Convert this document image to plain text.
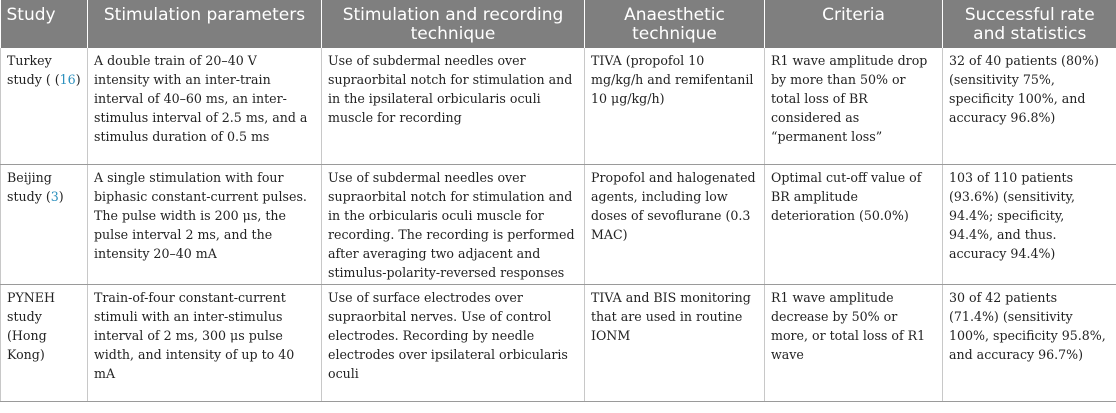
Study	Stimulation parameters	Stimulation and recording technique	Anaesthetic technique	Criteria	Successful rate and statistics
Turkey study ( (16)	A double train of 20–40 V intensity with an inter-train interval of 40–60 ms, an inter-stimulus interval of 2.5 ms, and a stimulus duration of 0.5 ms	Use of subdermal needles over supraorbital notch for stimulation and in the ipsilateral orbicularis oculi muscle for recording	TIVA (propofol 10 mg/kg/h and remifentanil 10 μg/kg/h)	R1 wave amplitude drop by more than 50% or total loss of BR considered as “permanent loss”	32 of 40 patients (80%) (sensitivity 75%, specificity 100%, and accuracy 96.8%)
Beijing study (3)	A single stimulation with four biphasic constant-current pulses. The pulse width is 200 μs, the pulse interval 2 ms, and the intensity 20–40 mA	Use of subdermal needles over supraorbital notch for stimulation and in the orbicularis oculi muscle for recording. The recording is performed after averaging two adjacent and stimulus-polarity-reversed responses	Propofol and halogenated agents, including low doses of sevoflurane (0.3 MAC)	Optimal cut-off value of BR amplitude deterioration (50.0%)	103 of 110 patients (93.6%) (sensitivity, 94.4%; specificity, 94.4%, and thus. accuracy 94.4%)
PYNEH study (Hong Kong)	Train-of-four constant-current stimuli with an inter-stimulus interval of 2 ms, 300 μs pulse width, and intensity of up to 40 mA	Use of surface electrodes over supraorbital nerves. Use of control electrodes. Recording by needle electrodes over ipsilateral orbicularis oculi	TIVA and BIS monitoring that are used in routine IONM	R1 wave amplitude decrease by 50% or more, or total loss of R1 wave	30 of 42 patients (71.4%) (sensitivity 100%, specificity 95.8%, and accuracy 96.7%)
